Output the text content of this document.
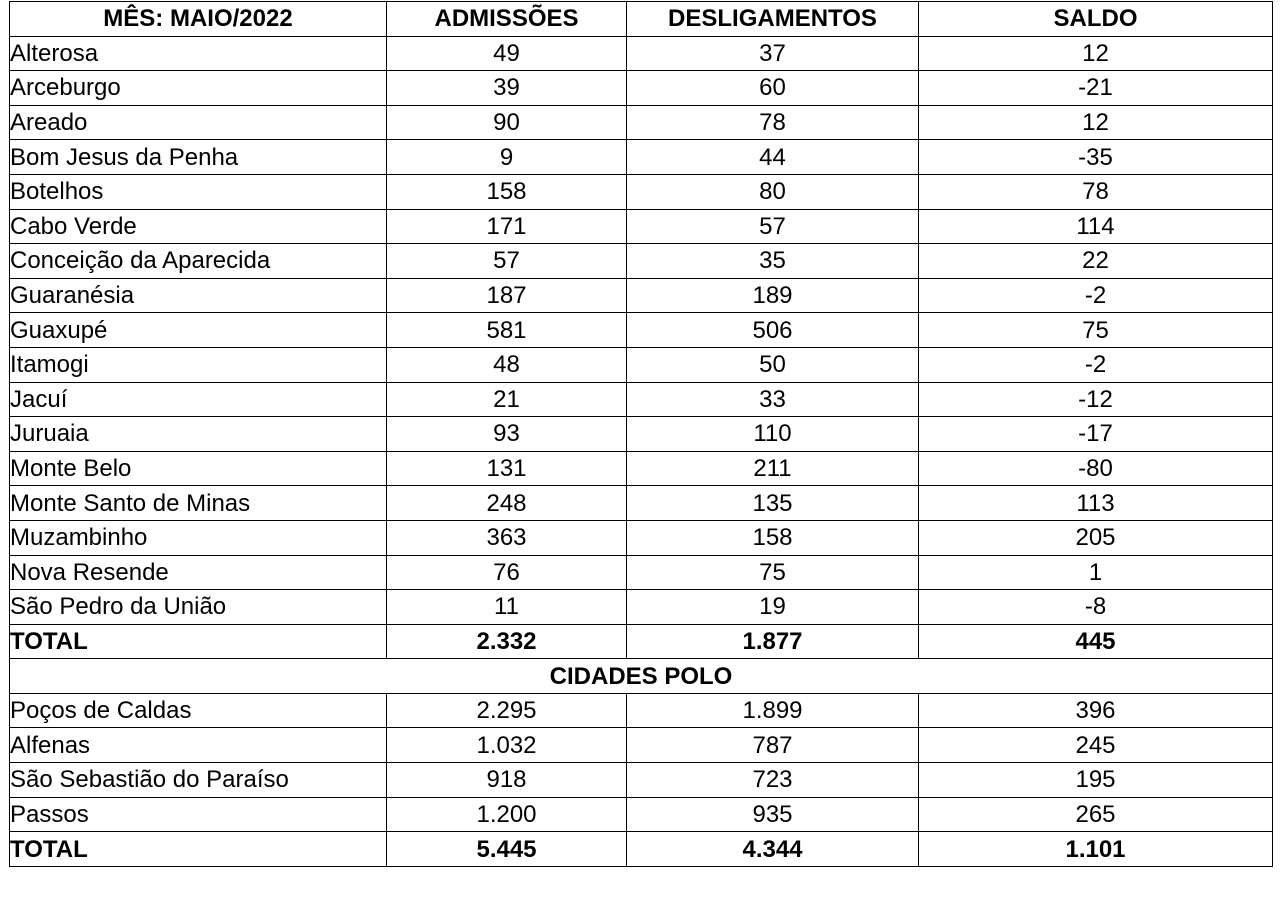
MÊS: MAIO/2022	ADMISSÕES	DESLIGAMENTOS	SALDO
Alterosa	49	37	12
Arceburgo	39	60	-21
Areado	90	78	12
Bom Jesus da Penha	9	44	-35
Botelhos	158	80	78
Cabo Verde	171	57	114
Conceição da Aparecida	57	35	22
Guaranésia	187	189	-2
Guaxupé	581	506	75
Itamogi	48	50	-2
Jacuí	21	33	-12
Juruaia	93	110	-17
Monte Belo	131	211	-80
Monte Santo de Minas	248	135	113
Muzambinho	363	158	205
Nova Resende	76	75	1
São Pedro da União	11	19	-8
TOTAL	2.332	1.877	445
CIDADES POLO			
Poços de Caldas	2.295	1.899	396
Alfenas	1.032	787	245
São Sebastião do Paraíso	918	723	195
Passos	1.200	935	265
TOTAL	5.445	4.344	1.101
